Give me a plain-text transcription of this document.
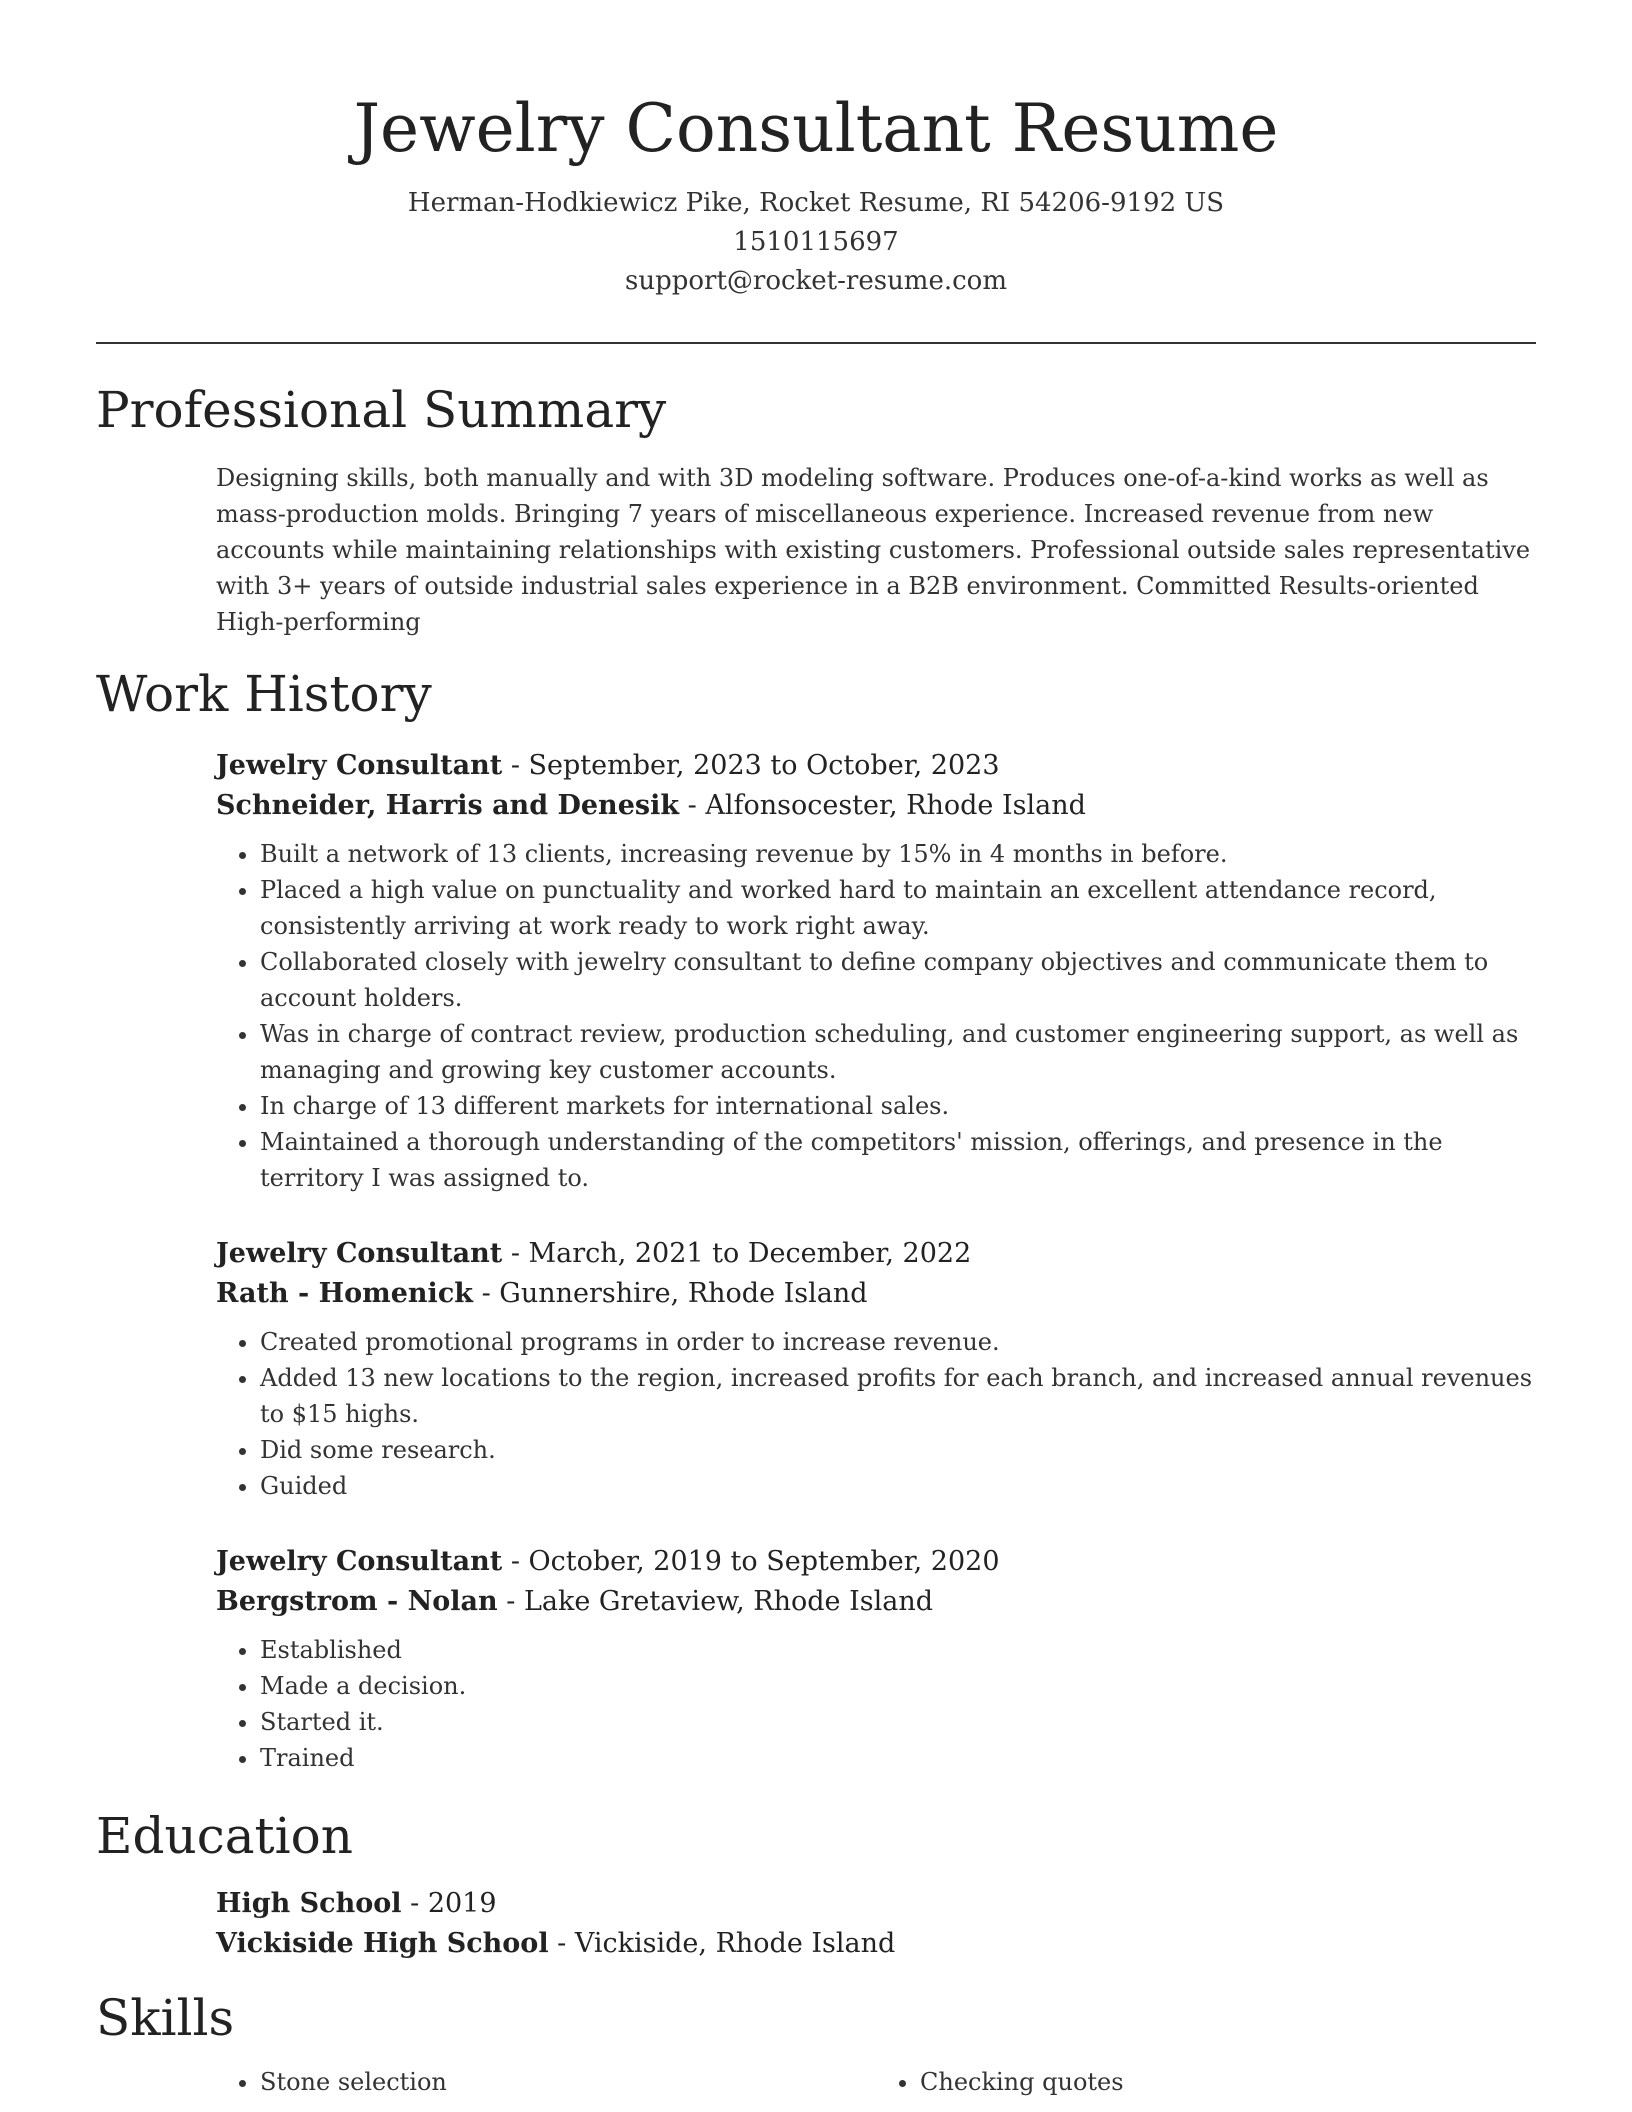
Jewelry Consultant Resume
Herman-Hodkiewicz Pike, Rocket Resume, RI 54206-9192 US
1510115697
support@rocket-resume.com
Professional Summary

Designing skills, both manually and with 3D modeling software. Produces one-of-a-kind works as well as mass-production molds. Bringing 7 years of miscellaneous experience. Increased revenue from new accounts while maintaining relationships with existing customers. Professional outside sales representative with 3+ years of outside industrial sales experience in a B2B environment. Committed Results-oriented High-performing

Work History
Jewelry Consultant - September, 2023 to October, 2023
Schneider, Harris and Denesik - Alfonsocester, Rhode Island
• Built a network of 13 clients, increasing revenue by 15% in 4 months in before.
• Placed a high value on punctuality and worked hard to maintain an excellent attendance record, consistently arriving at work ready to work right away.
• Collaborated closely with jewelry consultant to define company objectives and communicate them to account holders.
• Was in charge of contract review, production scheduling, and customer engineering support, as well as managing and growing key customer accounts.
• In charge of 13 different markets for international sales.
• Maintained a thorough understanding of the competitors' mission, offerings, and presence in the territory I was assigned to.
Jewelry Consultant - March, 2021 to December, 2022
Rath - Homenick - Gunnershire, Rhode Island
• Created promotional programs in order to increase revenue.
• Added 13 new locations to the region, increased profits for each branch, and increased annual revenues to $15 highs.
• Did some research.
• Guided
Jewelry Consultant - October, 2019 to September, 2020
Bergstrom - Nolan - Lake Gretaview, Rhode Island
• Established
• Made a decision.
• Started it.
• Trained
Education
High School - 2019
Vickiside High School - Vickiside, Rhode Island
Skills
• Stone selection
•	Checking quotes
